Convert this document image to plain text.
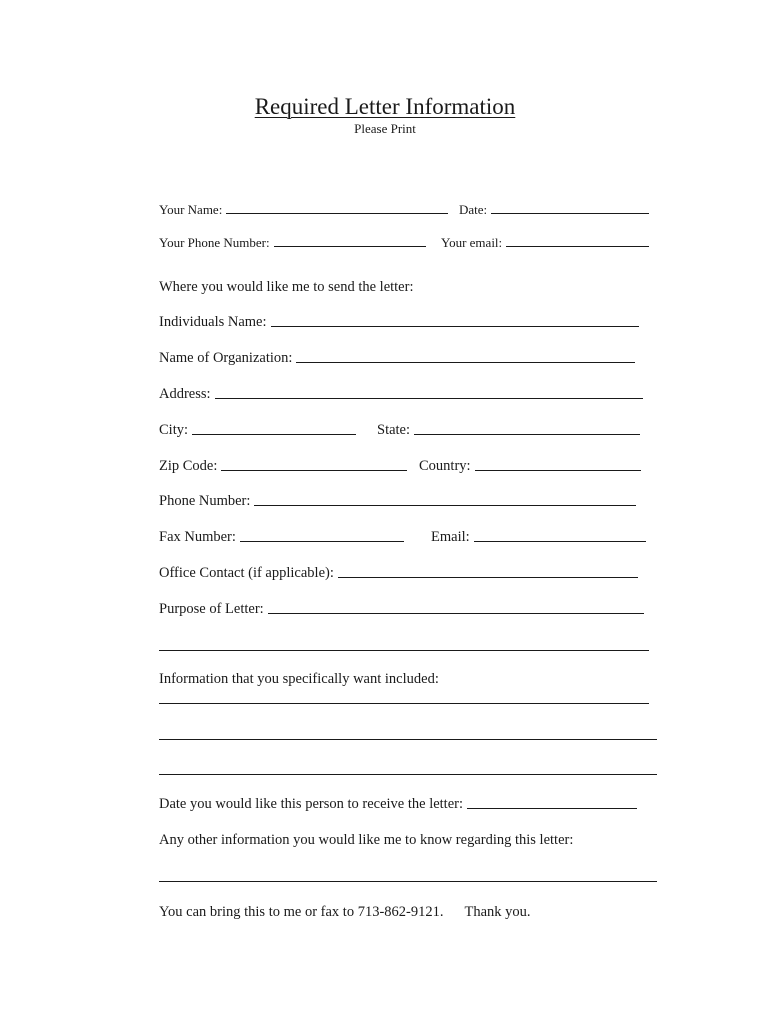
Required Letter Information
Please Print
Your Name:	Date:
Your Phone Number:	Your email:
Where you would like me to send the letter:
Individuals Name:
Name of Organization:
Address:
City:	State:
Zip Code:	Country:
Phone Number:
Fax Number:	Email:
Office Contact (if applicable):
Purpose of Letter:
Information that you specifically want included:
Date you would like this person to receive the letter:
Any other information you would like me to know regarding this letter:
You can bring this to me or fax to 713-862-9121. Thank you.
